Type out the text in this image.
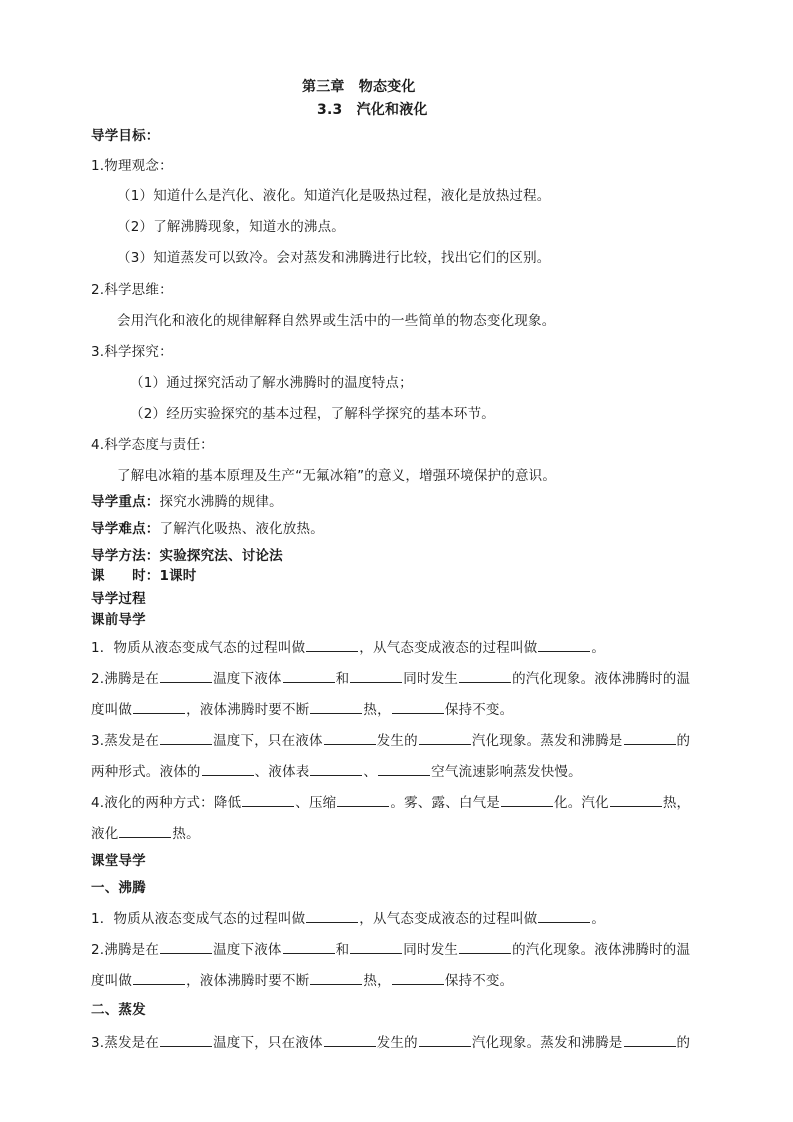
第三章　物态变化
3.3　汽化和液化
导学目标：
1.物理观念：
（1）知道什么是汽化、液化。知道汽化是吸热过程，液化是放热过程。
（2）了解沸腾现象，知道水的沸点。
（3）知道蒸发可以致冷。会对蒸发和沸腾进行比较，找出它们的区别。
2.科学思维：
会用汽化和液化的规律解释自然界或生活中的一些简单的物态变化现象。
3.科学探究：
（1）通过探究活动了解水沸腾时的温度特点；
（2）经历实验探究的基本过程，了解科学探究的基本环节。
4.科学态度与责任：
了解电冰箱的基本原理及生产“无氟冰箱”的意义，增强环境保护的意识。
导学重点：探究水沸腾的规律。
导学难点：了解汽化吸热、液化放热。
导学方法：实验探究法、讨论法
课　　时：1课时
导学过程
课前导学
1．物质从液态变成气态的过程叫做	，从气态变成液态的过程叫做	。
2.沸腾是在	温度下液体	和	同时发生	的汽化现象。液体沸腾时的温
度叫做	，液体沸腾时要不断	热，	保持不变。
3.蒸发是在	温度下，只在液体	发生的	汽化现象。蒸发和沸腾是	的
两种形式。液体的	、液体表	、	空气流速影响蒸发快慢。
4.液化的两种方式：降低	、压缩	。雾、露、白气是	化。汽化	热，
液化	热。
课堂导学
一、沸腾
1．物质从液态变成气态的过程叫做	，从气态变成液态的过程叫做	。
2.沸腾是在	温度下液体	和	同时发生	的汽化现象。液体沸腾时的温
度叫做	，液体沸腾时要不断	热，	保持不变。
二、蒸发
3.蒸发是在	温度下，只在液体	发生的	汽化现象。蒸发和沸腾是	的
